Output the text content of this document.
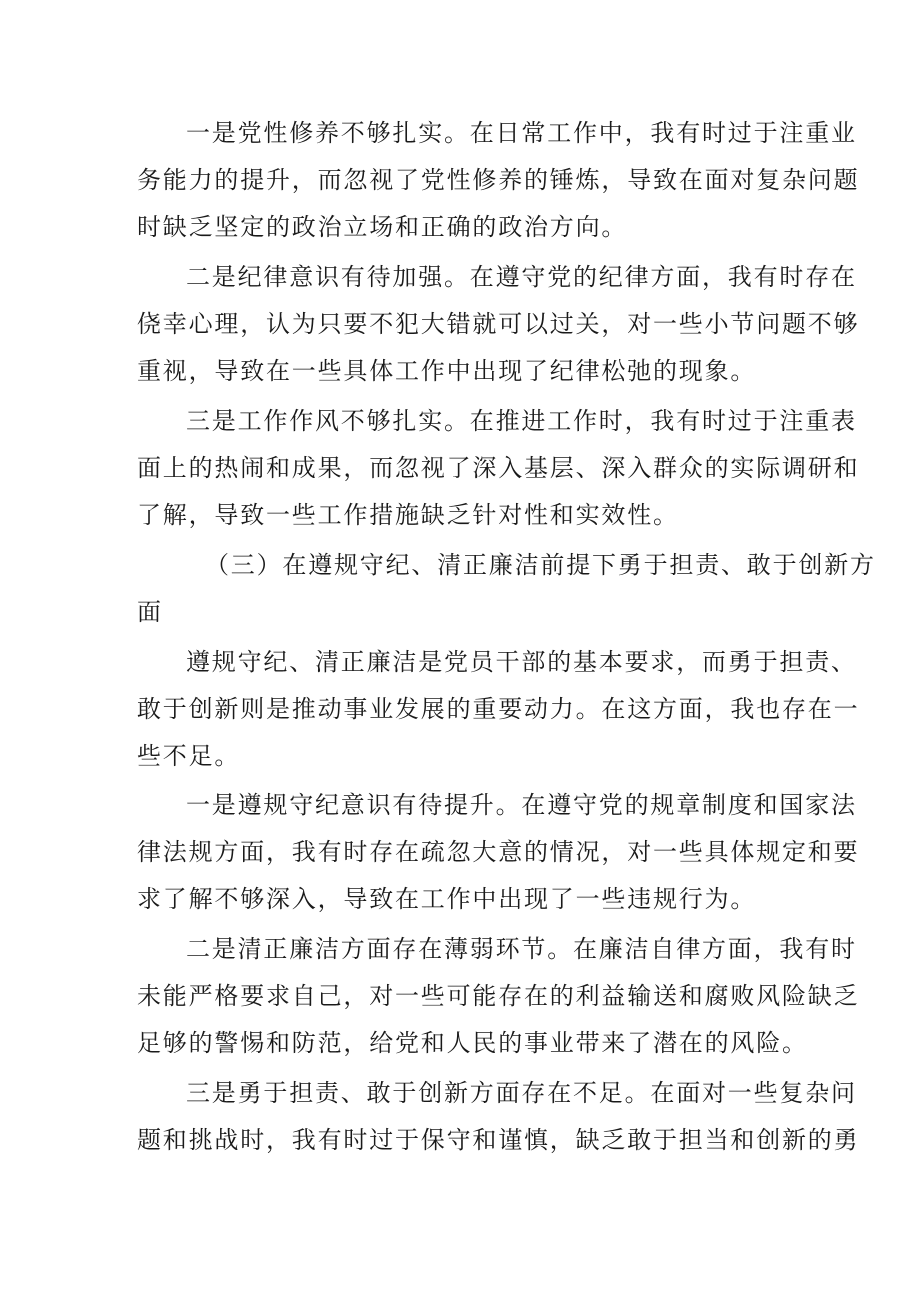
一是党性修养不够扎实。在日常工作中，我有时过于注重业
务能力的提升，而忽视了党性修养的锤炼，导致在面对复杂问题
时缺乏坚定的政治立场和正确的政治方向。
二是纪律意识有待加强。在遵守党的纪律方面，我有时存在
侥幸心理，认为只要不犯大错就可以过关，对一些小节问题不够
重视，导致在一些具体工作中出现了纪律松弛的现象。
三是工作作风不够扎实。在推进工作时，我有时过于注重表
面上的热闹和成果，而忽视了深入基层、深入群众的实际调研和
了解，导致一些工作措施缺乏针对性和实效性。
（三）在遵规守纪、清正廉洁前提下勇于担责、敢于创新方
面
遵规守纪、清正廉洁是党员干部的基本要求，而勇于担责、
敢于创新则是推动事业发展的重要动力。在这方面，我也存在一
些不足。
一是遵规守纪意识有待提升。在遵守党的规章制度和国家法
律法规方面，我有时存在疏忽大意的情况，对一些具体规定和要
求了解不够深入，导致在工作中出现了一些违规行为。
二是清正廉洁方面存在薄弱环节。在廉洁自律方面，我有时
未能严格要求自己，对一些可能存在的利益输送和腐败风险缺乏
足够的警惕和防范，给党和人民的事业带来了潜在的风险。
三是勇于担责、敢于创新方面存在不足。在面对一些复杂问
题和挑战时，我有时过于保守和谨慎，缺乏敢于担当和创新的勇
